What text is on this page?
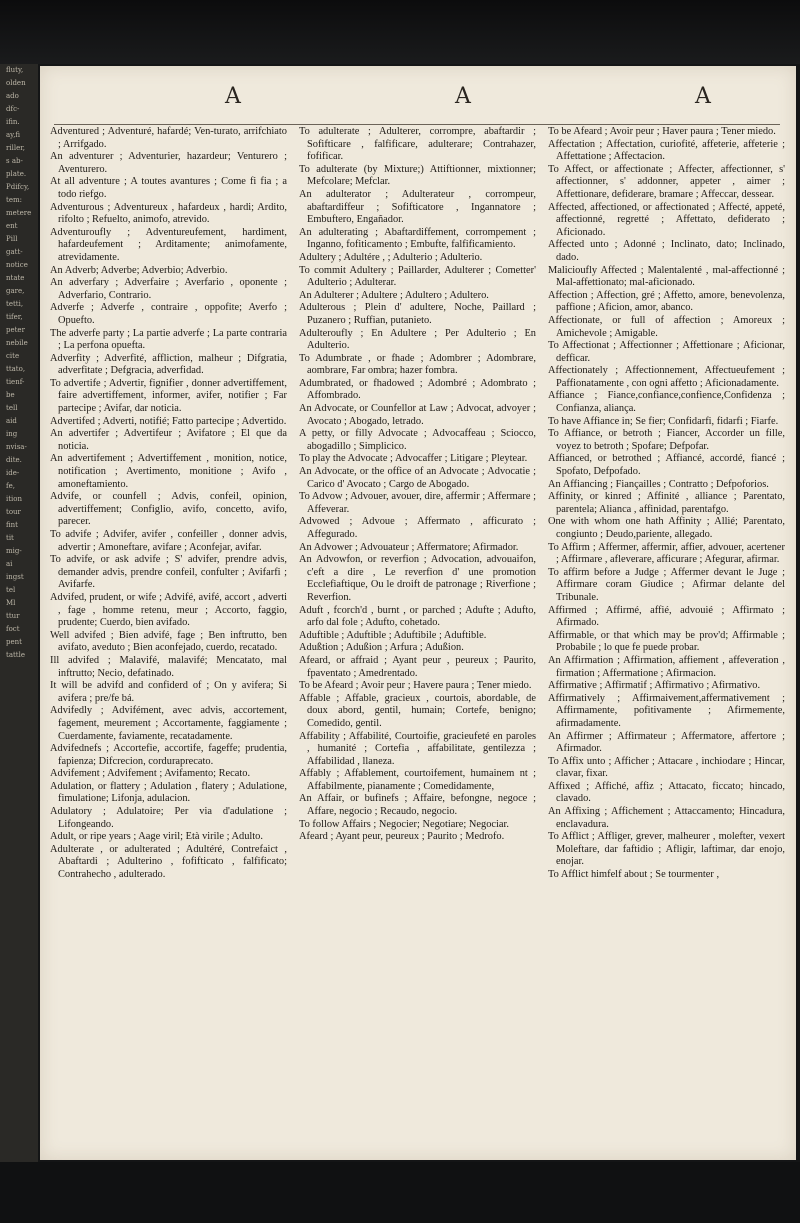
fluty,
olden
ado
dfc-
ifin.
ay,fi
riller,
s ab-
plate.
Pdifcy,
tem:
metere
ent
Pill
gatt-
notice
ntate
gare,
tetti,
tifer,
peter
nebile
cite
ttato,
tienf-
be
tell
aid
ing
nvisa-
dite.
ide-
fe,
ition
tour
fint
tit
mig-
ai
ingst
tel
Ml
ttur
foct
pent
tattle
A	A	A

Adventured ; Adventuré, hafardé; Ven-turato, arrifchiato ; Arrifgado.

An adventurer ; Adventurier, hazardeur; Venturero ; Aventurero.

At all adventure ; A toutes avantures ; Come fi fia ; a todo riefgo.

Adventurous ; Adventureux , hafardeux , hardi; Ardito, rifolto ; Refuelto, animofo, atrevido.

Adventuroufly ; Adventureufement, hardiment, hafardeufement ; Arditamente; animofamente, atrevidamente.

An Adverb; Adverbe; Adverbio; Adverbio.

An adverfary ; Adverfaire ; Averfario , oponente ; Adverfario, Contrario.

Adverfe ; Adverfe , contraire , oppofite; Averfo ; Opuefto.

The adverfe party ; La partie adverfe ; La parte contraria ; La perfona opuefta.

Adverfity ; Adverfité, affliction, malheur ; Difgratia, adverfitate ; Defgracia, adverfidad.

To advertife ; Advertir, fignifier , donner advertiffement, faire advertiffement, informer, avifer, notifier ; Far partecipe ; Avifar, dar noticia.

Advertifed ; Adverti, notifié; Fatto partecipe ; Advertido.

An advertifer ; Advertifeur ; Avifatore ; El que da noticia.

An advertifement ; Advertiffement , monition, notice, notification ; Avertimento, monitione ; Avifo , amoneftamiento.

Advife, or counfell ; Advis, confeil, opinion, advertiffement; Configlio, avifo, concetto, avifo, parecer.

To advife ; Advifer, avifer , confeiller , donner advis, advertir ; Amoneftare, avifare ; Aconfejar, avifar.

To advife, or ask advife ; S' advifer, prendre advis, demander advis, prendre confeil, confulter ; Avifarfi ; Avifarfe.

Advifed, prudent, or wife ; Advifé, avifé, accort , adverti , fage , homme retenu, meur ; Accorto, faggio, prudente; Cuerdo, bien avifado.

Well advifed ; Bien advifé, fage ; Ben inftrutto, ben avifato, aveduto ; Bien aconfejado, cuerdo, recatado.

Ill advifed ; Malavifé, malavifé; Mencatato, mal inftrutto; Necio, defatinado.

It will be advifd and confiderd of ; On y avifera; Si avifera ; pre/fe bá.

Advifedly ; Advifément, avec advis, accortement, fagement, meurement ; Accortamente, faggiamente ; Cuerdamente, faviamente, recatadamente.

Advifednefs ; Accortefie, accortife, fageffe; prudentia, fapienza; Difcrecion, corduraprecato.

Advifement ; Advifement ; Avifamento; Recato.

Adulation, or flattery ; Adulation , flatery ; Adulatione, fimulatione; Lifonja, adulacion.

Adulatory ; Adulatoire; Per via d'adulatione ; Lifongeando.

Adult, or ripe years ; Aage viril; Età virile ; Adulto.

Adulterate , or adulterated ; Adultéré, Contrefaict , Abaftardi ; Adulterino , fofifticato , falfificato; Contrahecho , adulterado.

To adulterate ; Adulterer, corrompre, abaftardir ; Sofifticare , falfificare, adulterare; Contrahazer, fofificar.

To adulterate (by Mixture;) Attiftionner, mixtionner; Mefcolare; Mefclar.

An adulterator ; Adulterateur , corrompeur, abaftardiffeur ; Sofifticatore , Ingannatore ; Embuftero, Engañador.

An adulterating ; Abaftardiffement, corrompement ; Inganno, fofiticamento ; Embufte, falfificamiento.

Adultery ; Adultére , ; Adulterio ; Adulterio.

To commit Adultery ; Paillarder, Adulterer ; Cometter' Adulterio ; Adulterar.

An Adulterer ; Adultere ; Adultero ; Adultero.

Adulterous ; Plein d' adultere, Noche, Paillard ; Puzanero ; Ruffian, putanieto.

Adulteroufly ; En Adultere ; Per Adulterio ; En Adulterio.

To Adumbrate , or fhade ; Adombrer ; Adombrare, aombrare, Far ombra; hazer fombra.

Adumbrated, or fhadowed ; Adombré ; Adombrato ; Affombrado.

An Advocate, or Counfellor at Law ; Advocat, advoyer ; Avocato ; Abogado, letrado.

A petty, or filly Advocate ; Advocaffeau ; Sciocco, abogadillo ; Simplicico.

To play the Advocate ; Advocaffer ; Litigare ; Pleytear.

An Advocate, or the office of an Advocate ; Advocatie ; Carico d' Avocato ; Cargo de Abogado.

To Advow ; Advouer, avouer, dire, affermir ; Affermare ; Affeverar.

Advowed ; Advoue ; Affermato , afficurato ; Affegurado.

An Advower ; Advouateur ; Affermatore; Afirmador.

An Advowfon, or reverfion ; Advocation, advouaifon, c'eft a dire , Le reverfion d' une promotion Ecclefiaftique, Ou le droift de patronage ; Riverfione ; Reverfion.

Aduft , fcorch'd , burnt , or parched ; Adufte ; Adufto, arfo dal fole ; Adufto, cohetado.

Aduftible ; Aduftible ; Aduftibile ; Aduftible.

Adußtion ; Adußion ; Arfura ; Adußion.

Afeard, or affraid ; Ayant peur , peureux ; Paurito, fpaventato ; Amedrentado.

To be Afeard ; Avoir peur ; Havere paura ; Tener miedo.

Affable ; Affable, gracieux , courtois, abordable, de doux abord, gentil, humain; Cortefe, benigno; Comedido, gentil.

Affability ; Affabilité, Courtoifie, gracieufeté en paroles , humanité ; Cortefia , affabilitate, gentilezza ; Affabilidad , llaneza.

Affably ; Affablement, courtoifement, humainem nt ; Affabilmente, pianamente ; Comedidamente,

An Affair, or bufinefs ; Affaire, befongne, negoce ; Affare, negocio ; Recaudo, negocio.

To follow Affairs ; Negocier; Negotiare; Negociar.

Afeard ; Ayant peur, peureux ; Paurito ; Medrofo.

To be Afeard ; Avoir peur ; Haver paura ; Tener miedo.

Affectation ; Affectation, curiofité, affeterie, affeterie ; Affettatione ; Affectacion.

To Affect, or affectionate ; Affecter, affectionner, s' affectionner, s' addonner, appeter , aimer ; Affettionare, defiderare, bramare ; Affeccar, dessear.

Affected, affectioned, or affectionated ; Affecté, appeté, affectionné, regretté ; Affettato, defiderato ; Aficionado.

Affected unto ; Adonné ; Inclinato, dato; Inclinado, dado.

Malicioufly Affected ; Malentalenté , mal-affectionné ; Mal-affettionato; mal-aficionado.

Affection ; Affection, gré ; Affetto, amore, benevolenza, paffione ; Aficion, amor, abanco.

Affectionate, or full of affection ; Amoreux ; Amichevole ; Amigable.

To Affectionat ; Affectionner ; Affettionare ; Aficionar, defficar.

Affectionately ; Affectionnement, Affectueufement ; Paffionatamente , con ogni affetto ; Aficionadamente.

Affiance ; Fiance,confiance,confience,Confidenza ; Confianza, aliança.

To have Affiance in; Se fier; Confidarfi, fidarfi ; Fiarfe.

To Affiance, or betroth ; Fiancer, Accorder un fille, voyez to betroth ; Spofare; Defpofar.

Affianced, or betrothed ; Affiancé, accordé, fiancé ; Spofato, Defpofado.

An Affiancing ; Fiançailles ; Contratto ; Defpoforios.

Affinity, or kinred ; Affinité , alliance ; Parentato, parentela; Alianca , affinidad, parentafgo.

One with whom one hath Affinity ; Allié; Parentato, congiunto ; Deudo,pariente, allegado.

To Affirm ; Affermer, affermir, affier, advouer, acertener ; Affirmare , afleverare, afficurare ; Afegurar, afirmar.

To affirm before a Judge ; Affermer devant le Juge ; Affirmare coram Giudice ; Afirmar delante del Tribunale.

Affirmed ; Affirmé, affié, advouié ; Affirmato ; Afirmado.

Affirmable, or that which may be prov'd; Affirmable ; Probabile ; lo que fe puede probar.

An Affirmation ; Affirmation, affiement , affeveration , firmation ; Affermatione ; Afirmacion.

Affirmative ; Affirmatif ; Affirmativo ; Afirmativo.

Affirmatively ; Affirmaivement,affermativement ; Affirmamente, pofitivamente ; Afirmemente, afirmadamente.

An Affirmer ; Affirmateur ; Affermatore, affertore ; Afirmador.

To Affix unto ; Afficher ; Attacare , inchiodare ; Hincar, clavar, fixar.

Affixed ; Affiché, affiz ; Attacato, ficcato; hincado, clavado.

An Affixing ; Affichement ; Attaccamento; Hincadura, enclavadura.

To Afflict ; Affliger, grever, malheurer , molefter, vexert Moleftare, dar faftidio ; Afligir, laftimar, dar enojo, enojar.

To Afflict himfelf about ; Se tourmenter ,
